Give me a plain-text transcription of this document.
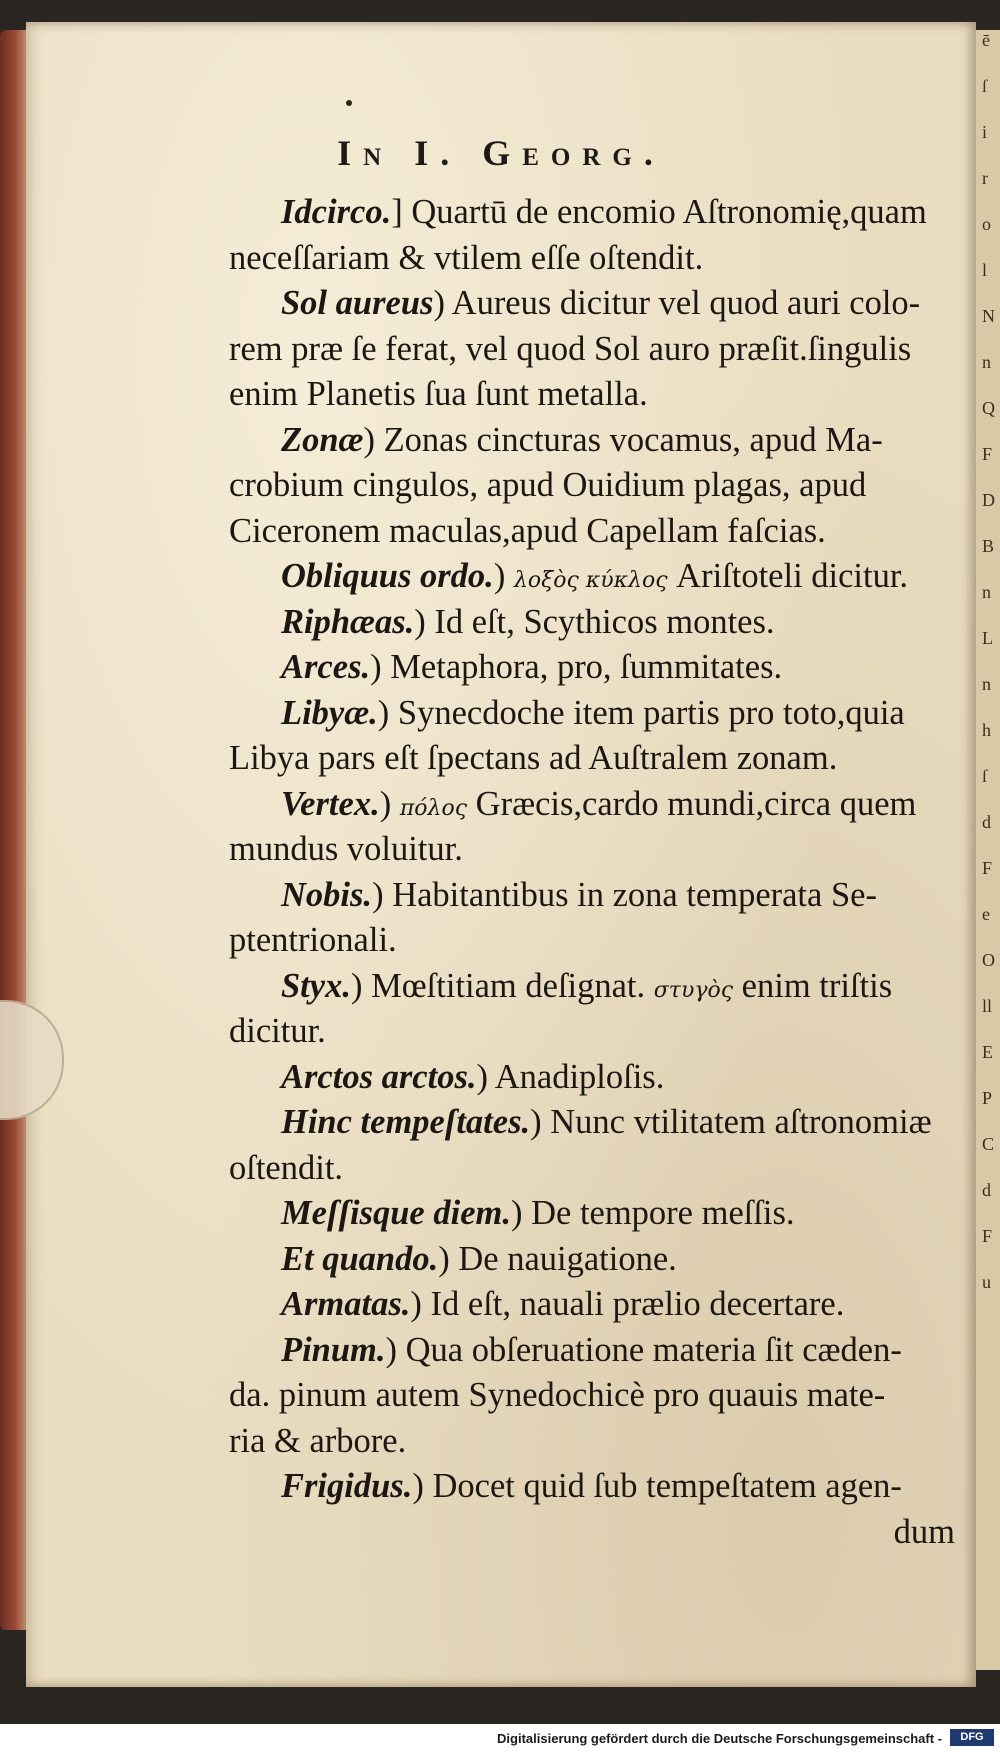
In I. Georg.
Idcirco.] Quartū de encomio Aſtronomię,quam
neceſſariam & vtilem eſſe oſtendit.
Sol aureus) Aureus dicitur vel quod auri colo-
rem præ ſe ferat, vel quod Sol auro præſit.ſingulis
enim Planetis ſua ſunt metalla.
Zonæ) Zonas cincturas vocamus, apud Ma-
crobium cingulos, apud Ouidium plagas, apud
Ciceronem maculas,apud Capellam faſcias.
Obliquus ordo.) λοξὸς κύκλος Ariſtoteli dicitur.
Riphæas.) Id eſt, Scythicos montes.
Arces.) Metaphora, pro, ſummitates.
Libyæ.) Synecdoche item partis pro toto,quia
Libya pars eſt ſpectans ad Auſtralem zonam.
Vertex.) πόλος Græcis,cardo mundi,circa quem
mundus voluitur.
Nobis.) Habitantibus in zona temperata Se-
ptentrionali.
Styx.) Mœſtitiam deſignat. στυγὸς enim triſtis
dicitur.
Arctos arctos.) Anadiploſis.
Hinc tempeſtates.) Nunc vtilitatem aſtronomiæ
oſtendit.
Meſſisque diem.) De tempore meſſis.
Et quando.) De nauigatione.
Armatas.) Id eſt, nauali prælio decertare.
Pinum.) Qua obſeruatione materia ſit cæden-
da. pinum autem Synedochicè pro quauis mate-
ria & arbore.
Frigidus.) Docet quid ſub tempeſtatem agen-
dum
ē
ſ
i
r
o
l
N
n
Q
F
D
B
n
L
n
h
ſ
d
F
e
O
ll
E
P
C
d
F
u
Digitalisierung gefördert durch die Deutsche Forschungsgemeinschaft -	DFG
